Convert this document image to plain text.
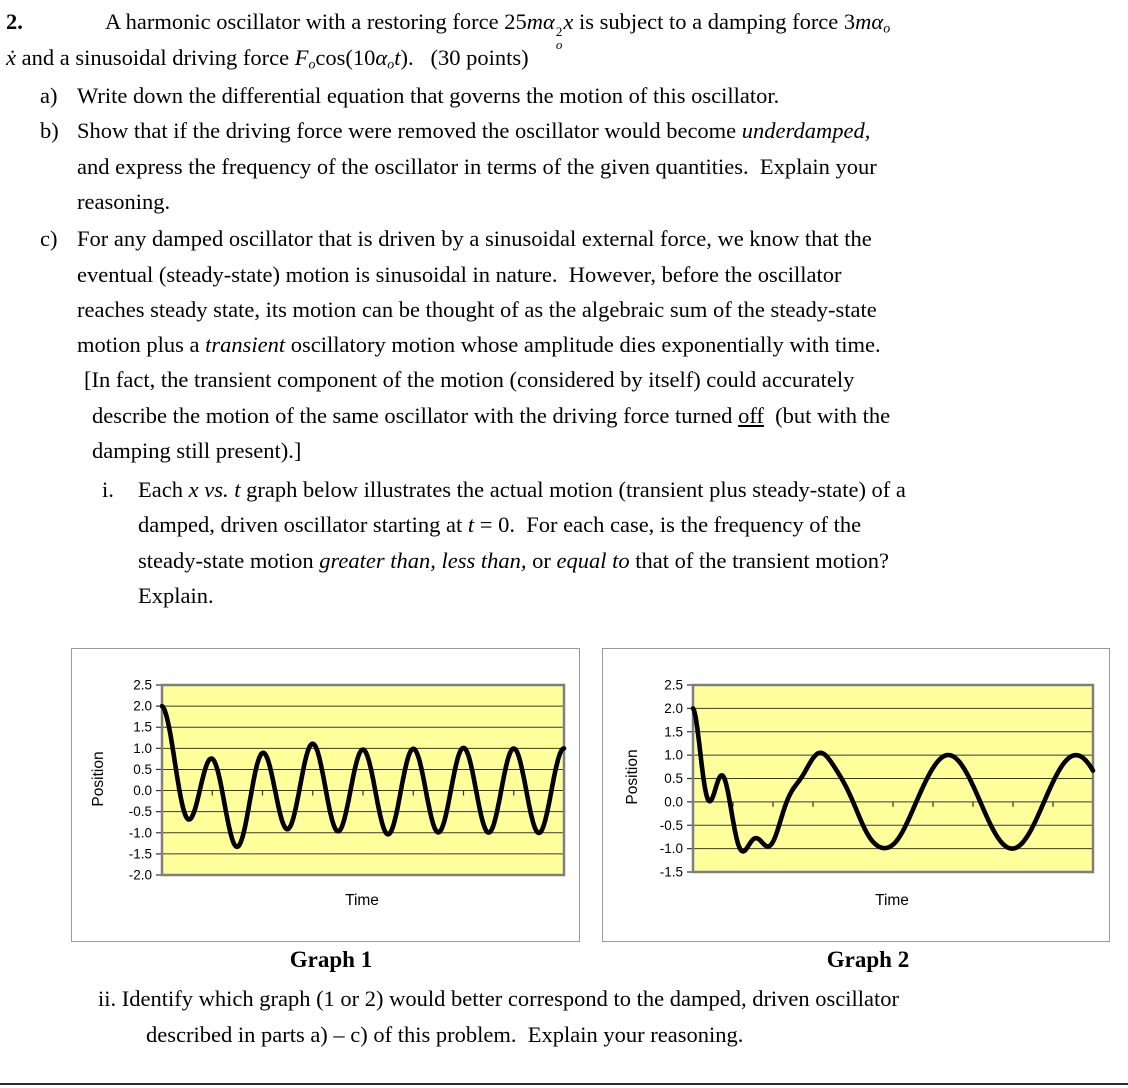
2.	A harmonic oscillator with a restoring force 25mα 2
o
x is subject to a damping force 3mαo
ẋ and a sinusoidal driving force Focos(10αot).   (30 points)
a) Write down the differential equation that governs the motion of this oscillator.
b) Show that if the driving force were removed the oscillator would become underdamped,
and express the frequency of the oscillator in terms of the given quantities.  Explain your
reasoning.
c) For any damped oscillator that is driven by a sinusoidal external force, we know that the
eventual (steady-state) motion is sinusoidal in nature.  However, before the oscillator
reaches steady state, its motion can be thought of as the algebraic sum of the steady-state
motion plus a transient oscillatory motion whose amplitude dies exponentially with time.
[In fact, the transient component of the motion (considered by itself) could accurately
describe the motion of the same oscillator with the driving force turned off  (but with the
damping still present).]
i. Each x vs. t graph below illustrates the actual motion (transient plus steady-state) of a
damped, driven oscillator starting at t = 0.  For each case, is the frequency of the
steady-state motion greater than, less than, or equal to that of the transient motion?
Explain.
ii. Identify which graph (1 or 2) would better correspond to the damped, driven oscillator
described in parts a) – c) of this problem.  Explain your reasoning.
2.5
2.0
1.5
1.0
0.5
0.0
-0.5
-1.0
-1.5
-2.0
2.5
2.0
1.5
1.0
0.5
0.0
-0.5
-1.0
-1.5
Position
Time
Position
Time
Graph 1	Graph 2
